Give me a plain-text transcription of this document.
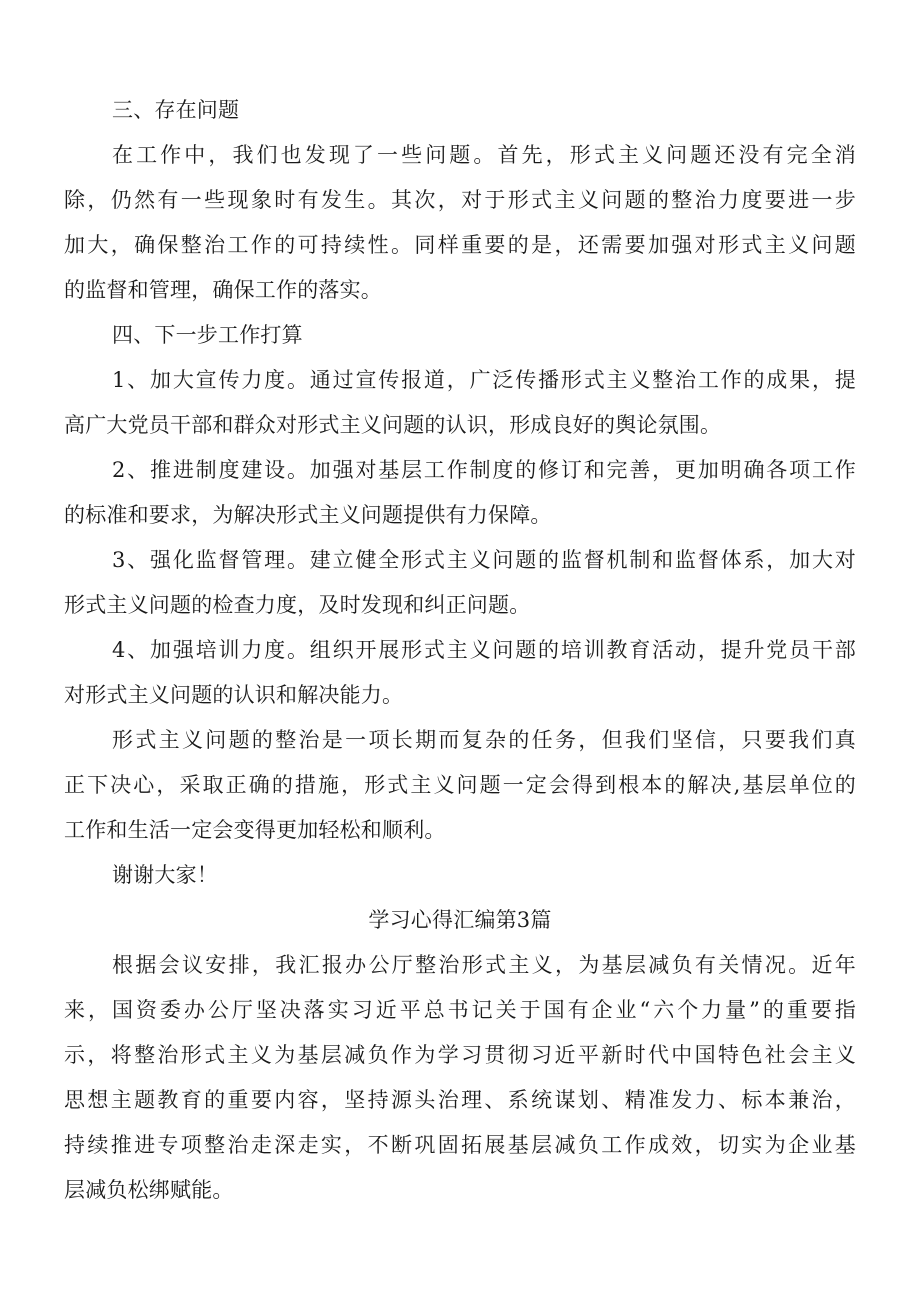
三、存在问题
在工作中，我们也发现了一些问题。首先，形式主义问题还没有完全消
除，仍然有一些现象时有发生。其次，对于形式主义问题的整治力度要进一步
加大，确保整治工作的可持续性。同样重要的是，还需要加强对形式主义问题
的监督和管理，确保工作的落实。
四、下一步工作打算
1、加大宣传力度。通过宣传报道，广泛传播形式主义整治工作的成果，提
高广大党员干部和群众对形式主义问题的认识，形成良好的舆论氛围。
2、推进制度建设。加强对基层工作制度的修订和完善，更加明确各项工作
的标准和要求，为解决形式主义问题提供有力保障。
3、强化监督管理。建立健全形式主义问题的监督机制和监督体系，加大对
形式主义问题的检查力度，及时发现和纠正问题。
4、加强培训力度。组织开展形式主义问题的培训教育活动，提升党员干部
对形式主义问题的认识和解决能力。
形式主义问题的整治是一项长期而复杂的任务，但我们坚信，只要我们真
正下决心，采取正确的措施，形式主义问题一定会得到根本的解决,基层单位的
工作和生活一定会变得更加轻松和顺利。
谢谢大家！
学习心得汇编第3篇
根据会议安排，我汇报办公厅整治形式主义，为基层减负有关情况。近年
来，国资委办公厅坚决落实习近平总书记关于国有企业“六个力量”的重要指
示，将整治形式主义为基层减负作为学习贯彻习近平新时代中国特色社会主义
思想主题教育的重要内容，坚持源头治理、系统谋划、精准发力、标本兼治，
持续推进专项整治走深走实，不断巩固拓展基层减负工作成效，切实为企业基
层减负松绑赋能。
